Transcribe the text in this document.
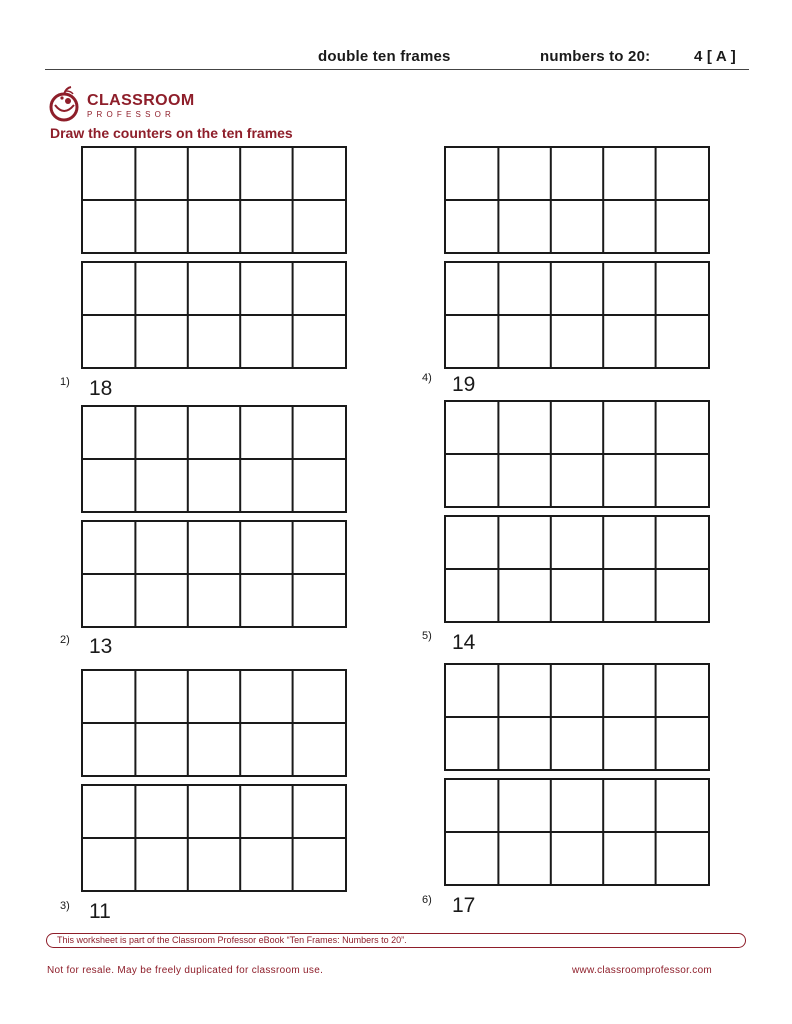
double ten frames	numbers to 20:	4 [ A ]
CLASSROOM
PROFESSOR
Draw the counters on the ten frames
1) 18
2) 13
3) 11
4) 19
5) 14
6) 17
This worksheet is part of the Classroom Professor eBook “Ten Frames: Numbers to 20”.
Not for resale. May be freely duplicated for classroom use.	www.classroomprofessor.com
